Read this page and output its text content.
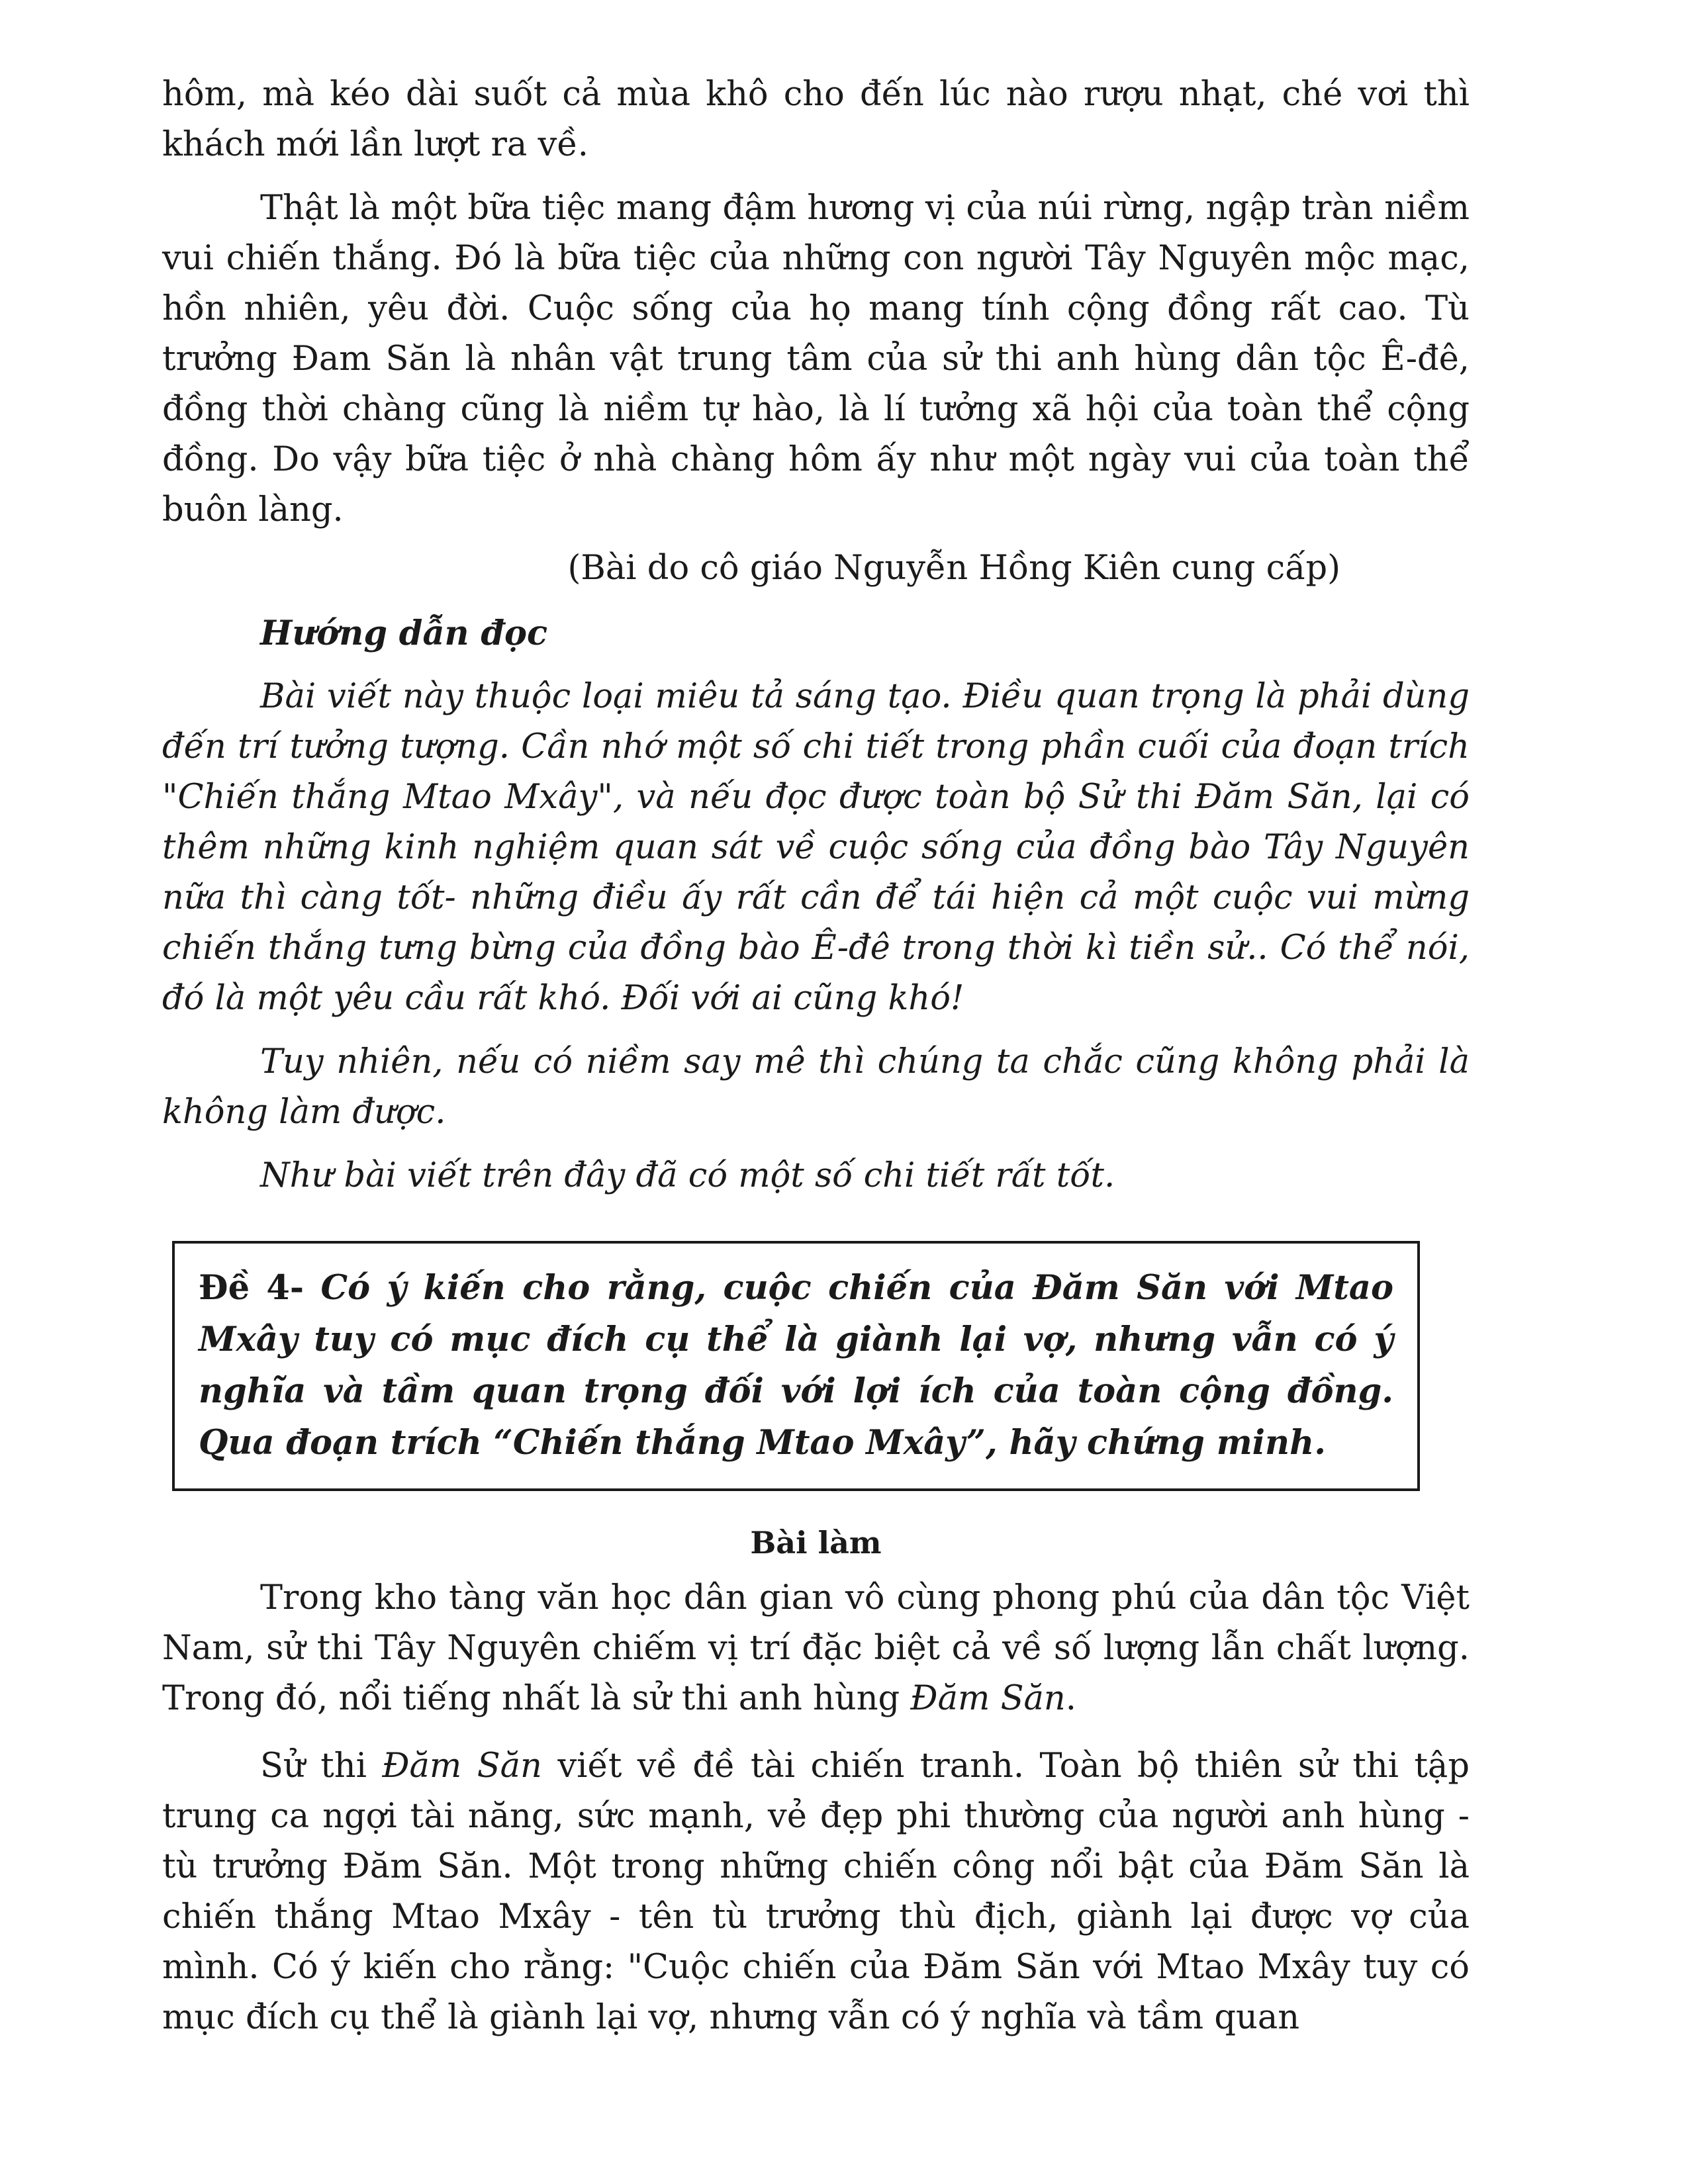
hôm, mà kéo dài suốt cả mùa khô cho đến lúc nào rượu nhạt, ché vơi thì khách mới lần lượt ra về.

Thật là một bữa tiệc mang đậm hương vị của núi rừng, ngập tràn niềm vui chiến thắng. Đó là bữa tiệc của những con người Tây Nguyên mộc mạc, hồn nhiên, yêu đời. Cuộc sống của họ mang tính cộng đồng rất cao. Tù trưởng Đam Săn là nhân vật trung tâm của sử thi anh hùng dân tộc Ê-đê, đồng thời chàng cũng là niềm tự hào, là lí tưởng xã hội của toàn thể cộng đồng. Do vậy bữa tiệc ở nhà chàng hôm ấy như một ngày vui của toàn thể buôn làng.

(Bài do cô giáo Nguyễn Hồng Kiên cung cấp)
Hướng dẫn đọc

Bài viết này thuộc loại miêu tả sáng tạo. Điều quan trọng là phải dùng đến trí tưởng tượng. Cần nhớ một số chi tiết trong phần cuối của đoạn trích "Chiến thắng Mtao Mxây", và nếu đọc được toàn bộ Sử thi Đăm Săn, lại có thêm những kinh nghiệm quan sát về cuộc sống của đồng bào Tây Nguyên nữa thì càng tốt- những điều ấy rất cần để tái hiện cả một cuộc vui mừng chiến thắng tưng bừng của đồng bào Ê-đê trong thời kì tiền sử.. Có thể nói, đó là một yêu cầu rất khó. Đối với ai cũng khó!

Tuy nhiên, nếu có niềm say mê thì chúng ta chắc cũng không phải là không làm được.

Như bài viết trên đây đã có một số chi tiết rất tốt.

Đề 4- Có ý kiến cho rằng, cuộc chiến của Đăm Săn với Mtao Mxây tuy có mục đích cụ thể là giành lại vợ, nhưng vẫn có ý nghĩa và tầm quan trọng đối với lợi ích của toàn cộng đồng. Qua đoạn trích “Chiến thắng Mtao Mxây”, hãy chứng minh.

Bài làm

Trong kho tàng văn học dân gian vô cùng phong phú của dân tộc Việt Nam, sử thi Tây Nguyên chiếm vị trí đặc biệt cả về số lượng lẫn chất lượng. Trong đó, nổi tiếng nhất là sử thi anh hùng Đăm Săn.

Sử thi Đăm Săn viết về đề tài chiến tranh. Toàn bộ thiên sử thi tập trung ca ngợi tài năng, sức mạnh, vẻ đẹp phi thường của người anh hùng - tù trưởng Đăm Săn. Một trong những chiến công nổi bật của Đăm Săn là chiến thắng Mtao Mxây - tên tù trưởng thù địch, giành lại được vợ của mình. Có ý kiến cho rằng: "Cuộc chiến của Đăm Săn với Mtao Mxây tuy có mục đích cụ thể là giành lại vợ, nhưng vẫn có ý nghĩa và tầm quan
